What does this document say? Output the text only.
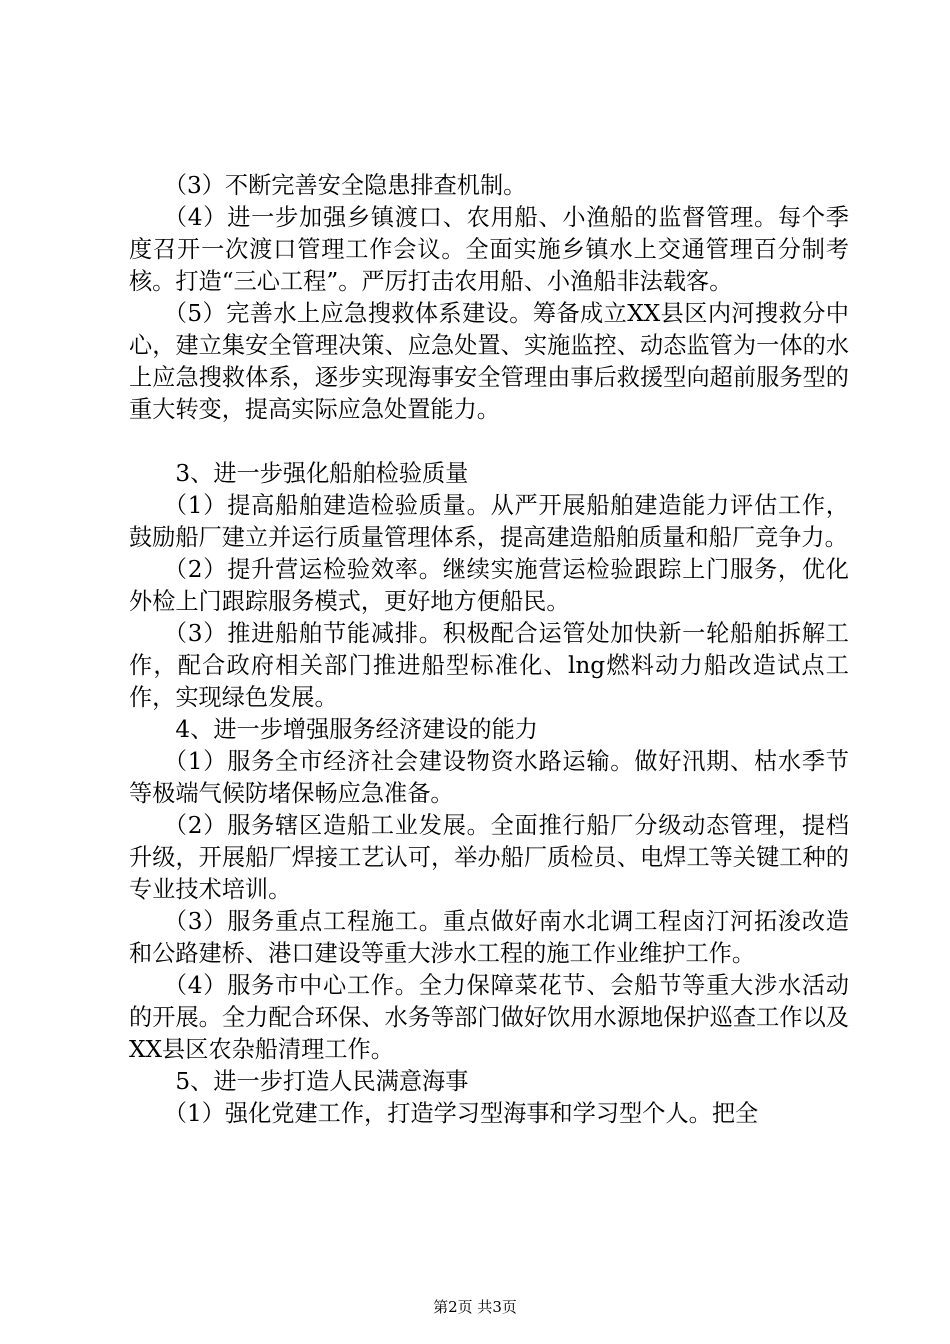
（3）不断完善安全隐患排查机制。

（4）进一步加强乡镇渡口、农用船、小渔船的监督管理。每个季度召开一次渡口管理工作会议。全面实施乡镇水上交通管理百分制考核。打造“三心工程”。严厉打击农用船、小渔船非法载客。

（5）完善水上应急搜救体系建设。筹备成立XX县区内河搜救分中心，建立集安全管理决策、应急处置、实施监控、动态监管为一体的水上应急搜救体系，逐步实现海事安全管理由事后救援型向超前服务型的重大转变，提高实际应急处置能力。

3、进一步强化船舶检验质量

（1）提高船舶建造检验质量。从严开展船舶建造能力评估工作，鼓励船厂建立并运行质量管理体系，提高建造船舶质量和船厂竞争力。

（2）提升营运检验效率。继续实施营运检验跟踪上门服务，优化外检上门跟踪服务模式，更好地方便船民。

（3）推进船舶节能减排。积极配合运管处加快新一轮船舶拆解工作，配合政府相关部门推进船型标准化、lng燃料动力船改造试点工作，实现绿色发展。

4、进一步增强服务经济建设的能力

（1）服务全市经济社会建设物资水路运输。做好汛期、枯水季节等极端气候防堵保畅应急准备。

（2）服务辖区造船工业发展。全面推行船厂分级动态管理，提档升级，开展船厂焊接工艺认可，举办船厂质检员、电焊工等关键工种的专业技术培训。

（3）服务重点工程施工。重点做好南水北调工程卤汀河拓浚改造和公路建桥、港口建设等重大涉水工程的施工作业维护工作。

（4）服务市中心工作。全力保障菜花节、会船节等重大涉水活动的开展。全力配合环保、水务等部门做好饮用水源地保护巡查工作以及XX县区农杂船清理工作。

5、进一步打造人民满意海事

（1）强化党建工作，打造学习型海事和学习型个人。把全

第2页 共3页
